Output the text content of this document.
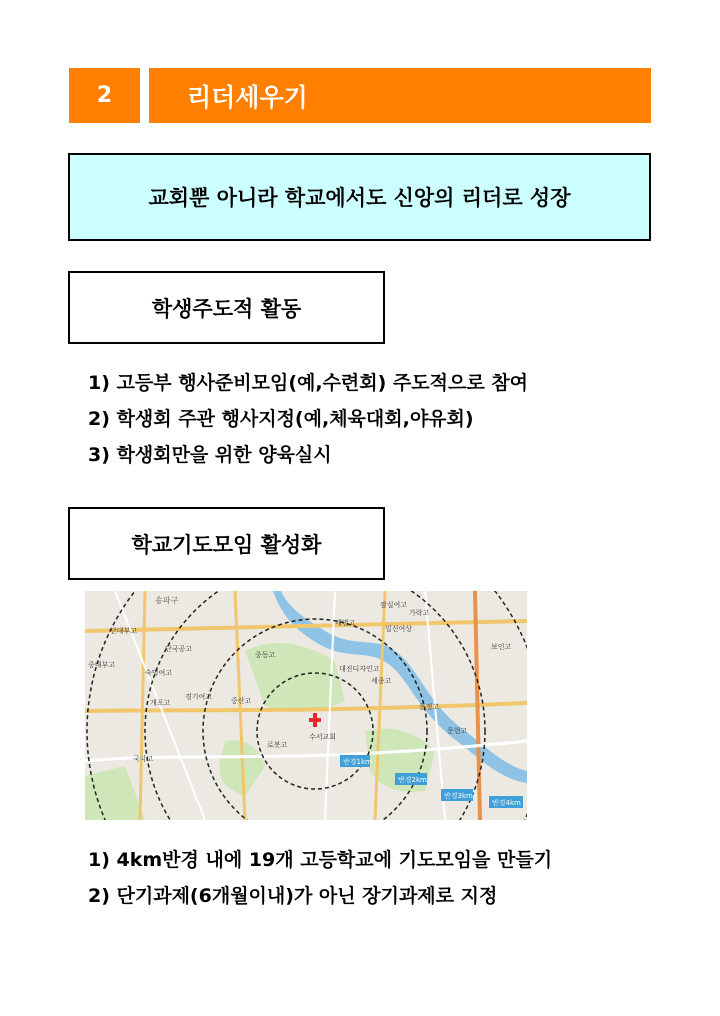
2	리더세우기
교회뿐 아니라 학교에서도 신앙의 리더로 성장
학생주도적 활동
1) 고등부 행사준비모임(예,수련회) 주도적으로 참여
2) 학생회 주관 행사지정(예,체육대회,야유회)
3) 학생회만을 위한 양육실시
학교기도모임 활성화
수서교회
송파구	잠실여고
가락고
일신여상
보인고
배명고
대진디자인고
세종고
중동고
경기여고	중산고
로봇고
문정고
문현고
단대부고
숙명여고
개포고
중대부고
국악고
단국공고
반경1km
반경2km
반경3km
반경4km
1) 4km반경 내에 19개 고등학교에 기도모임을 만들기
2) 단기과제(6개월이내)가 아닌 장기과제로 지정
